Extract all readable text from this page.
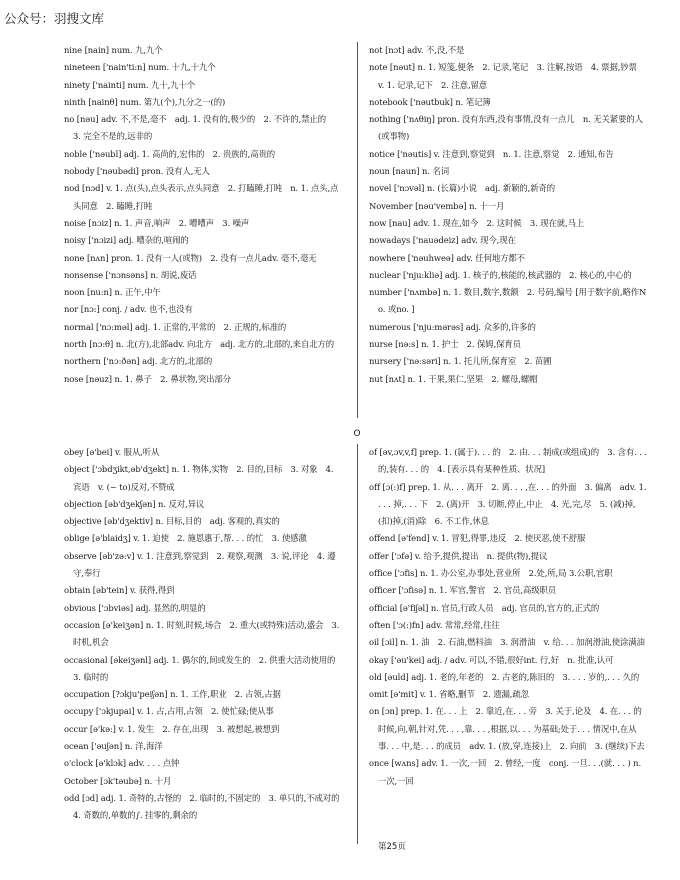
公众号：羽搜文库
nine [nain] num. 九,九个
nineteen ['nain'ti:n] num. 十九,十九个
ninety ['nainti] num. 九十,九十个
ninth [nainθ] num. 第九(个),九分之一(的)
no [nəu] adv. 不,不是,毫不　adj. 1. 没有的,极少的　2. 不许的,禁止的　3. 完全不是的,远非的
noble ['nəubl] adj. 1. 高尚的,宏伟的　2. 贵族的,高贵的
nobody ['nəubədi] pron. 没有人,无人
nod [nɔd] v. 1. 点(头),点头表示,点头同意　2. 打瞌睡,打盹　n. 1. 点头,点头同意　2. 瞌睡,打盹
noise [nɔiz] n. 1. 声音,响声　2. 嘈嘈声　3. 噪声
noisy ['nɔizi] adj. 嘈杂的,喧闹的
none [nʌn] pron. 1. 没有一人(或物)　2. 没有一点儿adv. 毫不,毫无
nonsense ['nɔnsəns] n. 胡说,废话
noon [nu:n] n. 正午,中午
nor [nɔ:] conj. / adv. 也不,也没有
normal ['nɔ:məl] adj. 1. 正常的,平常的　2. 正规的,标准的
north [nɔ:θ] n. 北(方),北部adv. 向北方　adj. 北方的,北部的,来自北方的
northern ['nɔ:ðən] adj. 北方的,北部的
nose [nəuz] n. 1. 鼻子　2. 鼻状物,突出部分
not [nɔt] adv. 不,没,不是
note [nəut] n. 1. 短笺,便条　2. 记录,笔记　3. 注解,按语　4. 票据,钞票　v. 1. 记录,记下　2. 注意,留意
notebook ['nəutbuk] n. 笔记簿
nothing ['nʌθiŋ] pron. 没有东西,没有事情,没有一点儿　n. 无关紧要的人(或事物)
notice ['nəutis] v. 注意到,察觉到　n. 1. 注意,察觉　2. 通知,布告
noun [naun] n. 名词
novel ['nɔvəl] n. (长篇)小说　adj. 新颖的,新奇的
November [nəu'vembə] n. 十一月
now [nau] adv. 1. 现在,如今　2. 这时候　3. 现在就,马上
nowadays ['nauədeiz] adv. 现今,现在
nowhere ['nəuhweə] adv. 任何地方都不
nuclear ['nju:kliə] adj. 1. 核子的,核能的,核武器的　2. 核心的,中心的
number ['nʌmbə] n. 1. 数目,数字,数额　2. 号码,编号 [用于数字前,略作No. 或no. ]
numerous ['nju:mərəs] adj. 众多的,许多的
nurse [nə:s] n. 1. 护士　2. 保姆,保育员
nursery ['nə:səri] n. 1. 托儿所,保育室　2. 苗圃
nut [nʌt] n. 1. 干果,果仁,坚果　2. 螺母,螺帽
O
obey [ə'bei] v. 服从,听从
object ['ɔbdʒikt,əb'dʒekt] n. 1. 物体,实物　2. 目的,目标　3. 对象　4. 宾语　v. (~ to)反对,不赞成
objection [əb'dʒekʃən] n. 反对,异议
objective [əb'dʒektiv] n. 目标,目的　adj. 客观的,真实的
oblige [ə'blaidʒ] v. 1. 迫使　2. 施恩惠于,帮. . . 的忙　3. 使感激
observe [əb'zə:v] v. 1. 注意到,察觉到　2. 观察,观测　3. 说,评论　4. 遵守,奉行
obtain [əb'tein] v. 获得,得到
obvious ['ɔbviəs] adj. 显然的,明显的
occasion [ə'keiʒən] n. 1. 时刻,时候,场合　2. 重大(或特殊)活动,盛会　3. 时机,机会
occasional [əkeiʒənl] adj. 1. 偶尔的,间或发生的　2. 供重大活动使用的　3. 临时的
occupation [?ɔkju'peiʃən] n. 1. 工作,职业　2. 占领,占据
occupy ['ɔkjupai] v. 1. 占,占用,占领　2. 使忙碌;使从事
occur [ə'kə:] v. 1. 发生　2. 存在,出现　3. 被想起,被想到
ocean ['əuʃən] n. 洋,海洋
o'clock [ə'klɔk] adv. . . . 点钟
October [ɔk'təubə] n. 十月
odd [ɔd] adj. 1. 奇特的,古怪的　2. 临时的,不固定的　3. 单只的,不成对的　4. 奇数的,单数的∫. 挂零的,剩余的
of [əv,ɔv,v,f] prep. 1. (属于). . . 的　2. 由. . . 制成(或组成)的　3. 含有. . . 的,装有. . . 的　4. [表示具有某种性质、状况]
off [ɔ(:)f] prep. 1. 从. . . 离开　2. 离. . . ,在. . . 的外面　3. 偏离　adv. 1. . . . 掉,. . . 下　2. (离)开　3. 切断,停止,中止　4. 光,完,尽　5. (减)掉,(扣)掉,(消)除　6. 不工作,休息
offend [ə'fend] v. 1. 冒犯,得罪,违反　2. 使厌恶,使不舒服
offer ['ɔfə] v. 给予,提供,提出　n. 提供(物),提议
office ['ɔfis] n. 1. 办公室,办事处,营业所　2.处,所,局 3.公职,官职
officer ['ɔfisə] n. 1. 军官,警官　2. 官员,高级职员
official [ə'fiʃəl] n. 官员,行政人员　adj. 官员的,官方的,正式的
often ['ɔ(:)fn] adv. 常常,经常,往往
oil [ɔil] n. 1. 油　2. 石油,燃料油　3. 润滑油　v. 给. . . 加润滑油,使涂满油
okay ['əu'kei] adj. / adv. 可以,不错,很好int. 行,好　n. 批准,认可
old [əuld] adj. 1. 老的,年老的　2. 古老的,陈旧的　3. . . . 岁的,. . . 久的
omit [ə'mit] v. 1. 省略,删节　2. 遗漏,疏忽
on [ɔn] prep. 1. 在. . . 上　2. 靠近,在. . . 旁　3. 关于,论及　4. 在. . . 的时候,向,朝,针对,凭. . . ,靠. . . ,根据,以. . . 为基础;处于. . . 情况中,在从事. . . 中,是. . . 的成员　adv. 1. (放,穿,连接)上　2. 向前　3. (继续)下去
once [wʌns] adv. 1. 一次,一回　2. 曾经,一度　conj. 一旦. . .(就. . . ) n. 一次,一回
第25页
